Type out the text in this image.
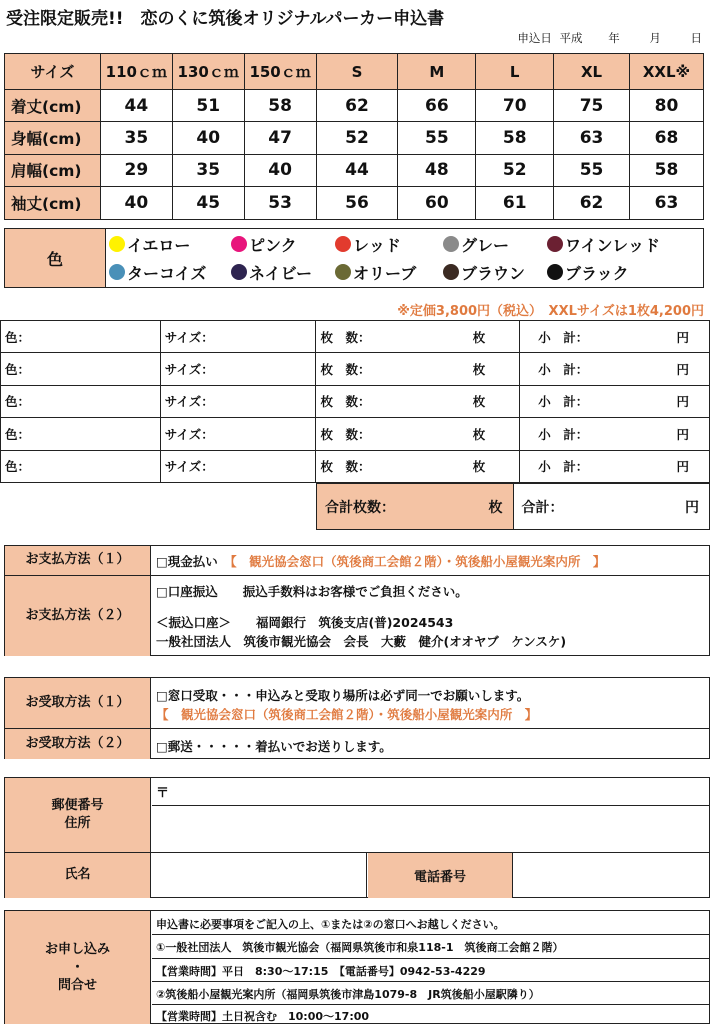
受注限定販売!!　恋のくに筑後オリジナルパーカー申込書
申込日 平成 年	月	日
サイズ	110ｃｍ	130ｃｍ	150ｃｍ	S	M	L	XL	XXL※
着丈(cm)	44	51	58	62	66	70	75	80
身幅(cm)	35	40	47	52	55	58	63	68
肩幅(cm)	29	35	40	44	48	52	55	58
袖丈(cm)	40	45	53	56	60	61	62	63
色
イエロー	ピンク	レッド	グレー	ワインレッド
ターコイズ	ネイビー	オリーブ	ブラウン ブラック
※定価3,800円（税込）　XXLサイズは1枚4,200円
色：	サイズ：	枚　数： 枚	小　計： 円

色：	サイズ：	枚　数： 枚	小　計： 円

色：	サイズ：	枚　数： 枚	小　計： 円

色：	サイズ：	枚　数： 枚	小　計： 円

色：	サイズ：	枚　数： 枚	小　計： 円
合計枚数：	枚 合計：	円
お支払方法（１）	□現金払い　 【　観光協会窓口（筑後商工会館２階）・筑後船小屋観光案内所　】
お支払方法（２）
□口座振込　　振込手数料はお客様でご負担ください。
＜振込口座＞　　福岡銀行　筑後支店(普)2024543
一般社団法人　筑後市観光協会　会長　大藪　健介(オオヤブ　ケンスケ)
お受取方法（１）	□窓口受取・・・申込みと受取り場所は必ず同一でお願いします。
【　観光協会窓口（筑後商工会館２階）・筑後船小屋観光案内所　】
お受取方法（２）	□郵送・・・・・着払いでお送りします。
郵便番号
住所
〒
氏名	電話番号
お申し込み
・
問合せ
申込書に必要事項をご記入の上、①または②の窓口へお越しください。
①一般社団法人　筑後市観光協会（福岡県筑後市和泉118-1　筑後商工会館２階）
【営業時間】平日　8:30〜17:15　【電話番号】0942-53-4229
②筑後船小屋観光案内所（福岡県筑後市津島1079-8　JR筑後船小屋駅隣り）
【営業時間】土日祝含む　10:00〜17:00
